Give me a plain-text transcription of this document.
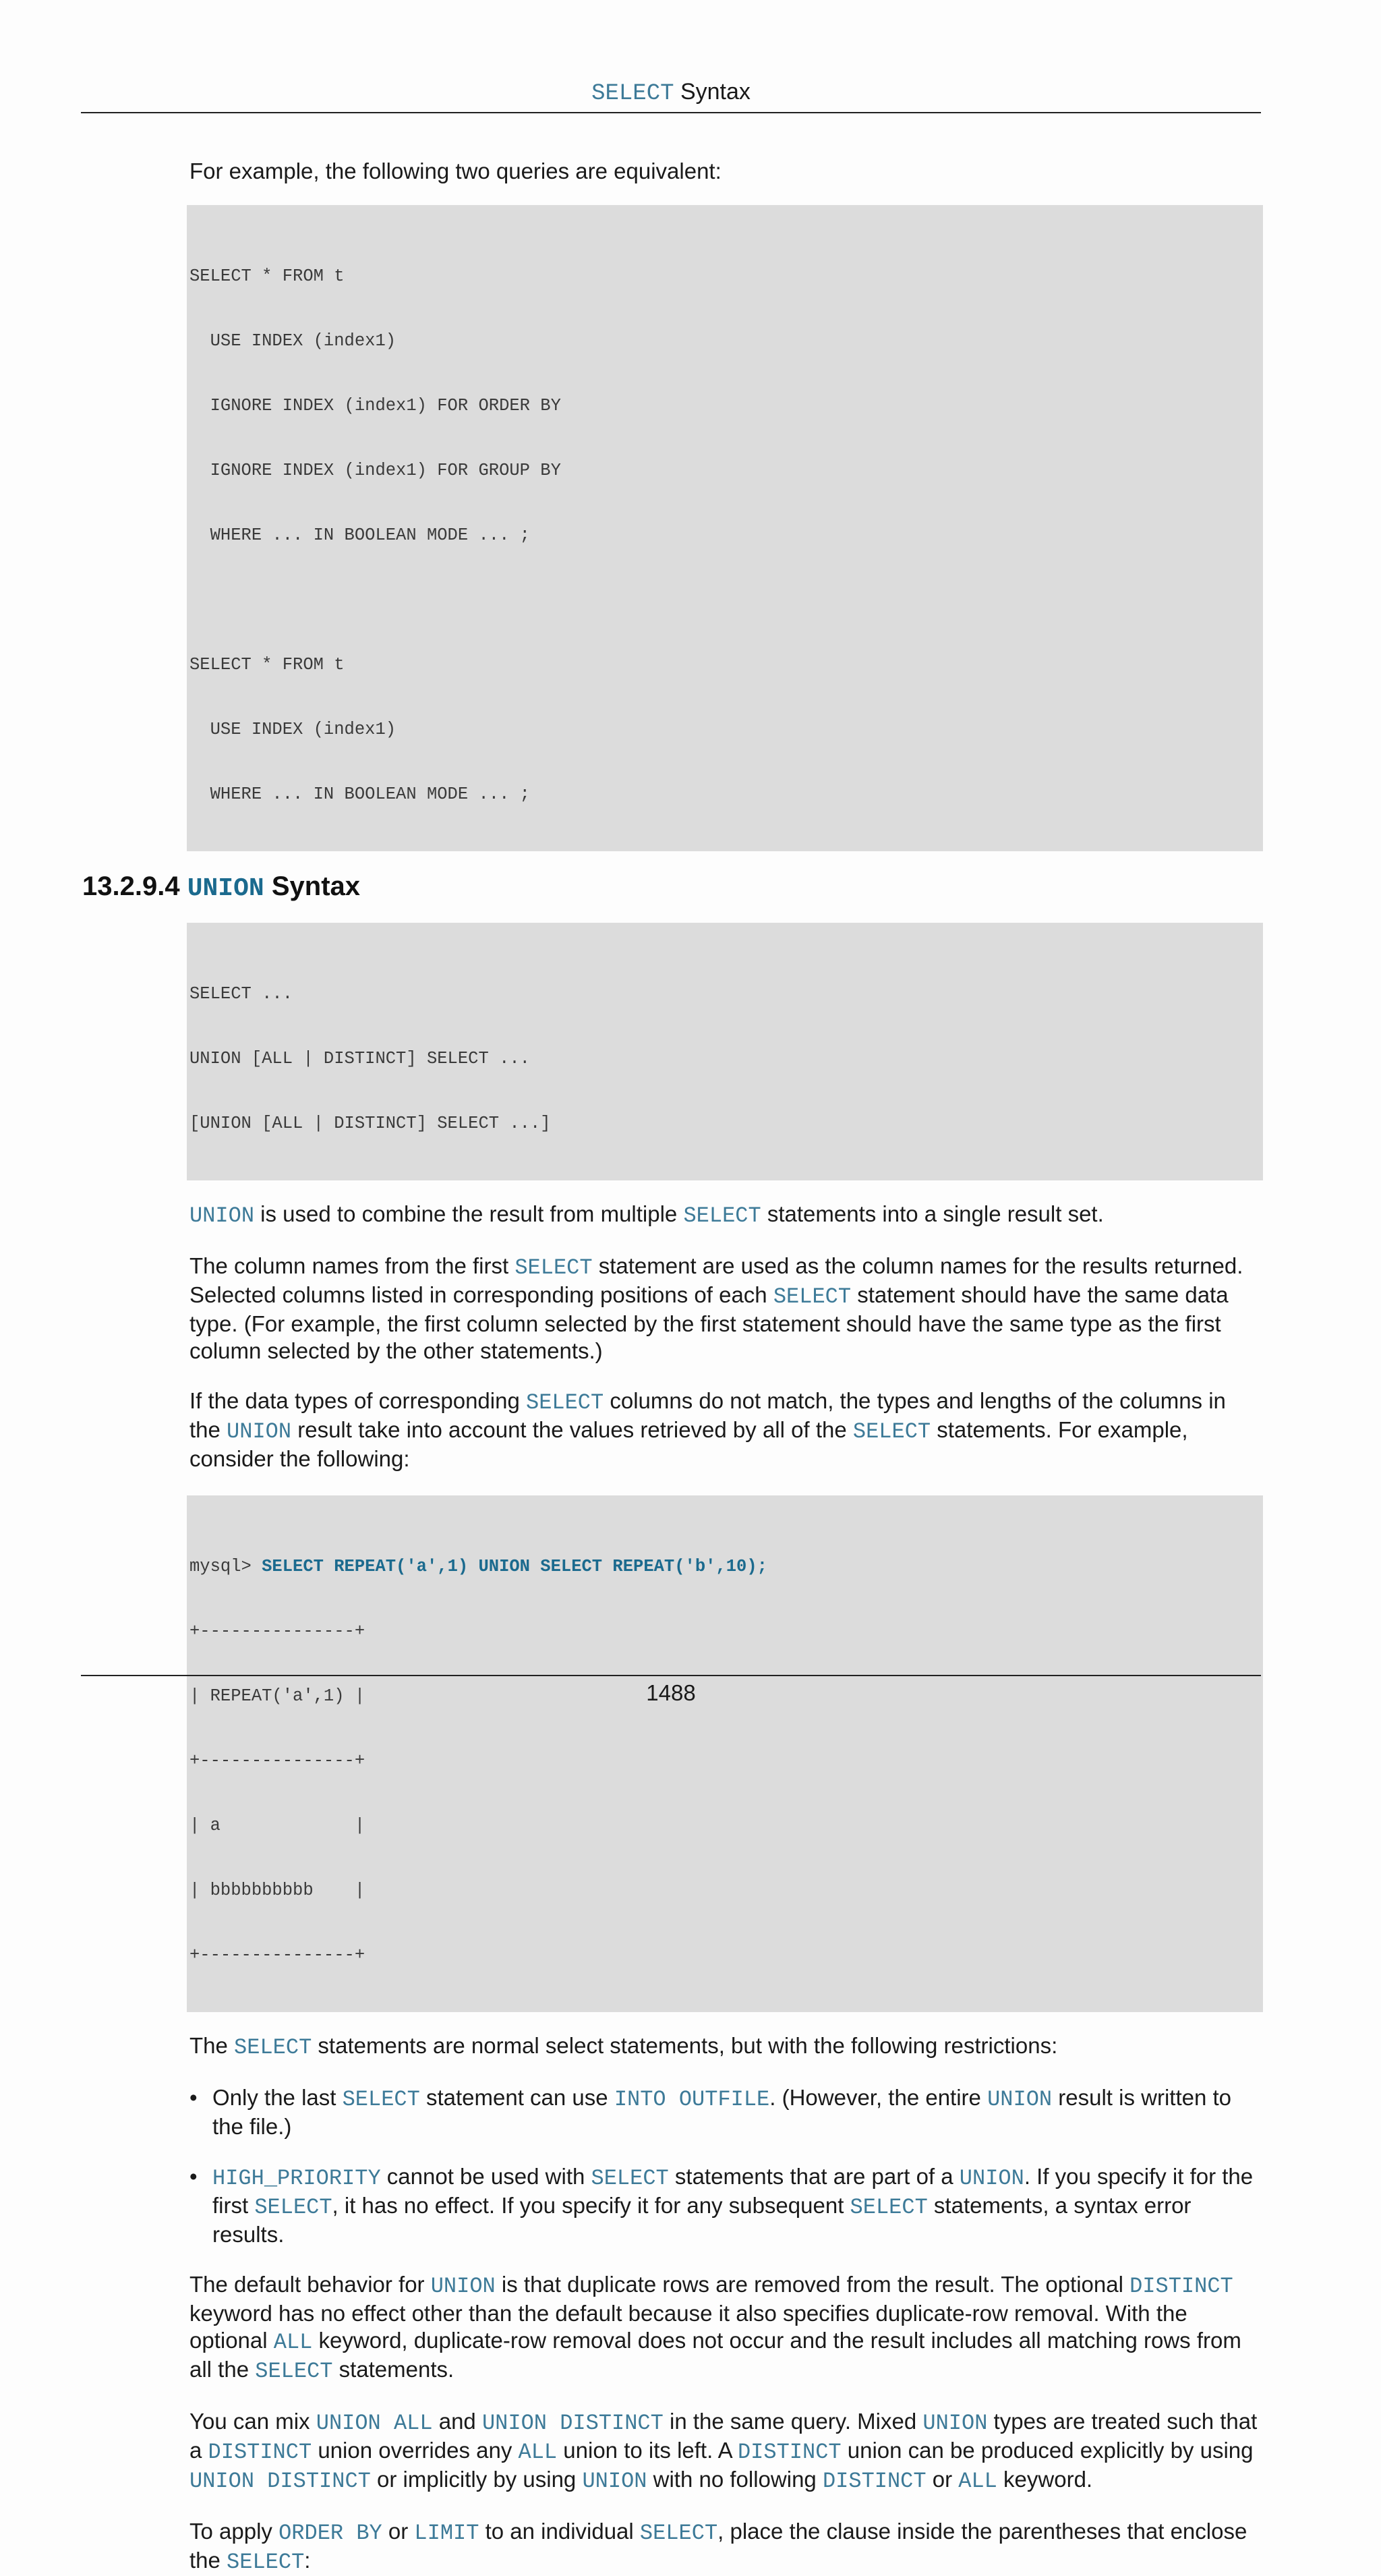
SELECT Syntax

For example, the following two queries are equivalent:

SELECT * FROM t

USE INDEX (index1)

IGNORE INDEX (index1) FOR ORDER BY

IGNORE INDEX (index1) FOR GROUP BY

WHERE ... IN BOOLEAN MODE ... ;

SELECT * FROM t

USE INDEX (index1)

WHERE ... IN BOOLEAN MODE ... ;

13.2.9.4 UNION Syntax

SELECT ...

UNION [ALL | DISTINCT] SELECT ...

[UNION [ALL | DISTINCT] SELECT ...]

UNION is used to combine the result from multiple SELECT statements into a single result set.

The column names from the first SELECT statement are used as the column names for the results returned. Selected columns listed in corresponding positions of each SELECT statement should have the same data type. (For example, the first column selected by the first statement should have the same type as the first column selected by the other statements.)

If the data types of corresponding SELECT columns do not match, the types and lengths of the columns in the UNION result take into account the values retrieved by all of the SELECT statements. For example, consider the following:

mysql> SELECT REPEAT('a',1) UNION SELECT REPEAT('b',10);

+---------------+

| REPEAT('a',1) |

+---------------+

| a             |

| bbbbbbbbbb    |

+---------------+

The SELECT statements are normal select statements, but with the following restrictions:

• Only the last SELECT statement can use INTO OUTFILE. (However, the entire UNION result is written to the file.)
• HIGH_PRIORITY cannot be used with SELECT statements that are part of a UNION. If you specify it for the first SELECT, it has no effect. If you specify it for any subsequent SELECT statements, a syntax error results.

The default behavior for UNION is that duplicate rows are removed from the result. The optional DISTINCT keyword has no effect other than the default because it also specifies duplicate-row removal. With the optional ALL keyword, duplicate-row removal does not occur and the result includes all matching rows from all the SELECT statements.

You can mix UNION ALL and UNION DISTINCT in the same query. Mixed UNION types are treated such that a DISTINCT union overrides any ALL union to its left. A DISTINCT union can be produced explicitly by using UNION DISTINCT or implicitly by using UNION with no following DISTINCT or ALL keyword.

To apply ORDER BY or LIMIT to an individual SELECT, place the clause inside the parentheses that enclose the SELECT:

1488
